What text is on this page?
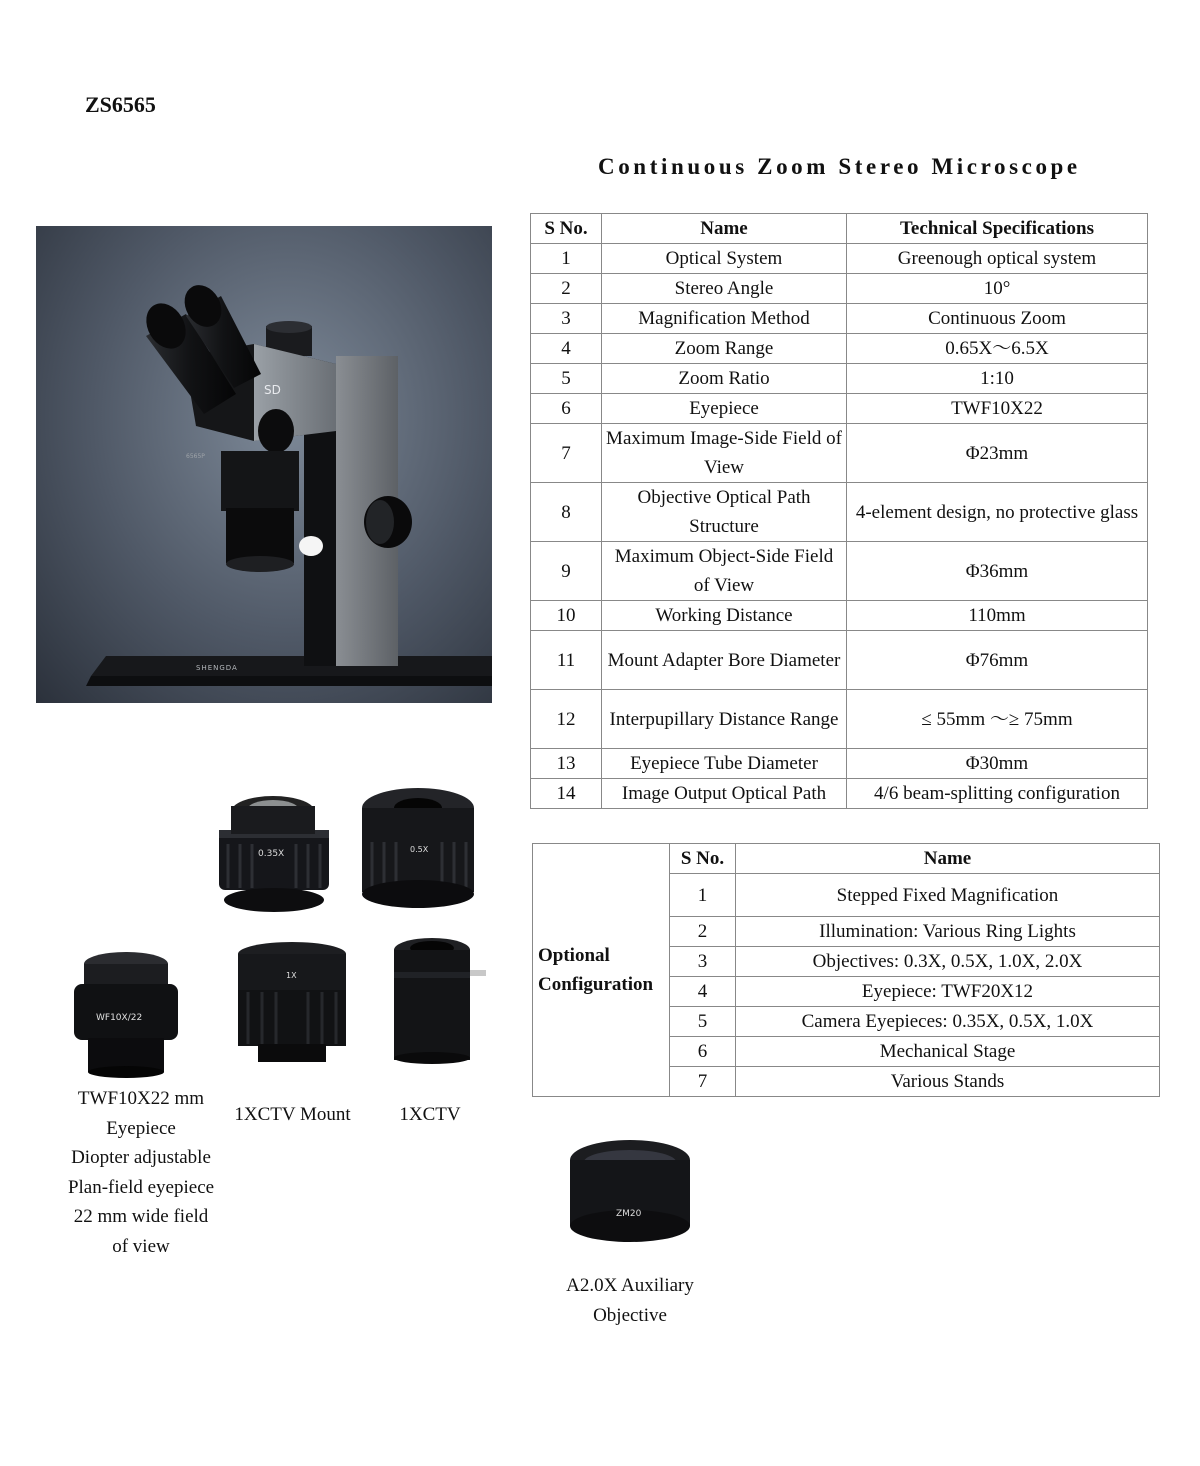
ZS6565
Continuous Zoom Stereo Microscope
SD
6565P
SHENGDA
S No.	Name	Technical Specifications
1	Optical System	Greenough optical system
2	Stereo Angle	10°
3	Magnification Method	Continuous Zoom
4	Zoom Range	0.65X～6.5X
5	Zoom Ratio	1:10
6	Eyepiece	TWF10X22
7	Maximum Image-Side Field of View	Φ23mm
8	Objective Optical Path Structure	4-element design, no protective glass
9	Maximum Object-Side Field of View	Φ36mm
10	Working Distance	110mm
11	Mount Adapter Bore Diameter	Φ76mm
12	Interpupillary Distance Range	≤ 55mm ～≥ 75mm
13	Eyepiece Tube Diameter	Φ30mm
14	Image Output Optical Path	4/6 beam-splitting configuration
Optional Configuration	S No.	Name
	1	Stepped Fixed Magnification
	2	Illumination: Various Ring Lights
	3	Objectives: 0.3X, 0.5X, 1.0X, 2.0X
	4	Eyepiece: TWF20X12
	5	Camera Eyepieces: 0.35X, 0.5X, 1.0X
	6	Mechanical Stage
	7	Various Stands
0.35X	0.5X
WF10X/22
1X
ZM20
TWF10X22 mm
Eyepiece
Diopter adjustable
Plan-field eyepiece
22 mm wide field
of view
1XCTV Mount	1XCTV
A2.0X Auxiliary
Objective
